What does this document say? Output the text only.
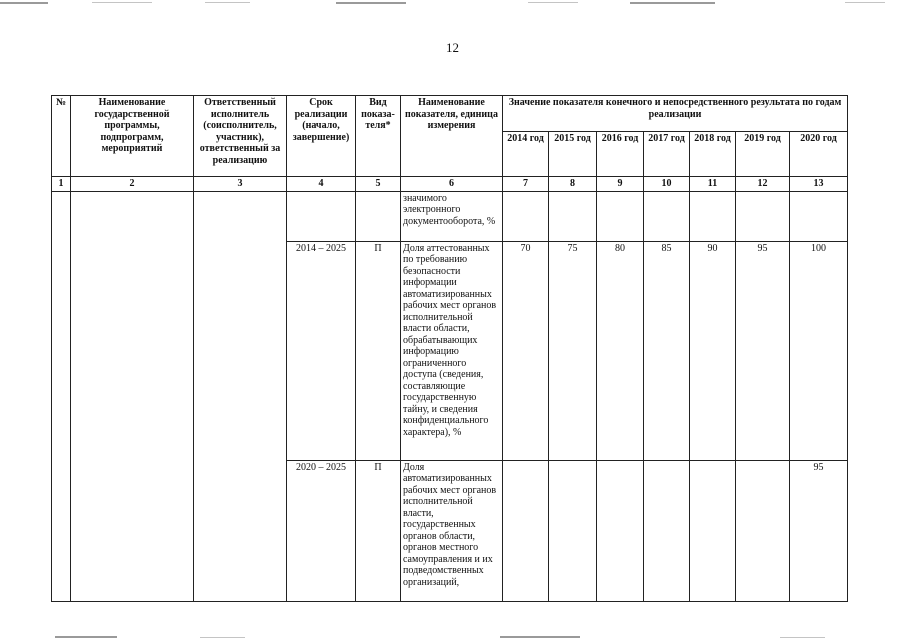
12
№	Наименование государственной программы, подпрограмм, мероприятий	Ответственный исполнитель (соисполнитель, участник), ответственный за реализацию	Срок реализации (начало, завершение)	Вид показа-теля*	Наименование показателя, единица измерения	Значение показателя конечного и непосредственного результата по годам реализации						
						2014 год	2015 год	2016 год	2017 год	2018 год	2019 год	2020 год
1	2	3	4	5	6	7	8	9	10	11	12	13
					значимого электронного документооборота, %							
			2014 – 2025	П	Доля аттестованных по требованию безопасности информации автоматизированных рабочих мест органов исполнительной власти области, обрабатывающих информацию ограниченного доступа (сведения, составляющие государственную тайну, и сведения конфиденциального характера), %	70	75	80	85	90	95	100
			2020 – 2025	П	Доля автоматизированных рабочих мест органов исполнительной власти, государственных органов области, органов местного самоуправления и их подведомственных организаций,							95
